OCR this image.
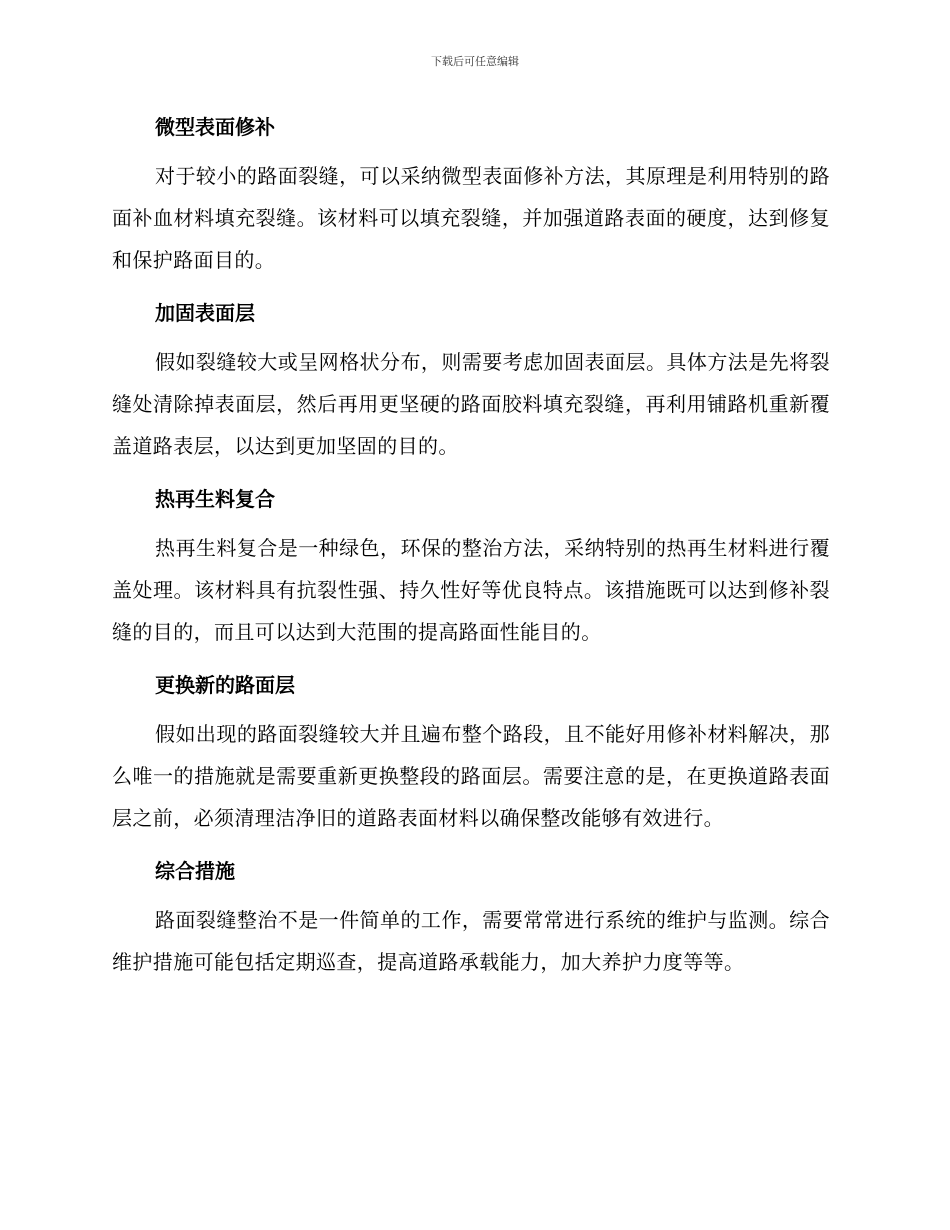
下载后可任意编辑
微型表面修补

对于较小的路面裂缝，可以采纳微型表面修补方法，其原理是利用特别的路面补血材料填充裂缝。该材料可以填充裂缝，并加强道路表面的硬度，达到修复和保护路面目的。

加固表面层

假如裂缝较大或呈网格状分布，则需要考虑加固表面层。具体方法是先将裂缝处清除掉表面层，然后再用更坚硬的路面胶料填充裂缝，再利用铺路机重新覆盖道路表层，以达到更加坚固的目的。

热再生料复合

热再生料复合是一种绿色，环保的整治方法，采纳特别的热再生材料进行覆盖处理。该材料具有抗裂性强、持久性好等优良特点。该措施既可以达到修补裂缝的目的，而且可以达到大范围的提高路面性能目的。

更换新的路面层

假如出现的路面裂缝较大并且遍布整个路段，且不能好用修补材料解决，那么唯一的措施就是需要重新更换整段的路面层。需要注意的是，在更换道路表面层之前，必须清理洁净旧的道路表面材料以确保整改能够有效进行。

综合措施

路面裂缝整治不是一件简单的工作，需要常常进行系统的维护与监测。综合维护措施可能包括定期巡查，提高道路承载能力，加大养护力度等等。
